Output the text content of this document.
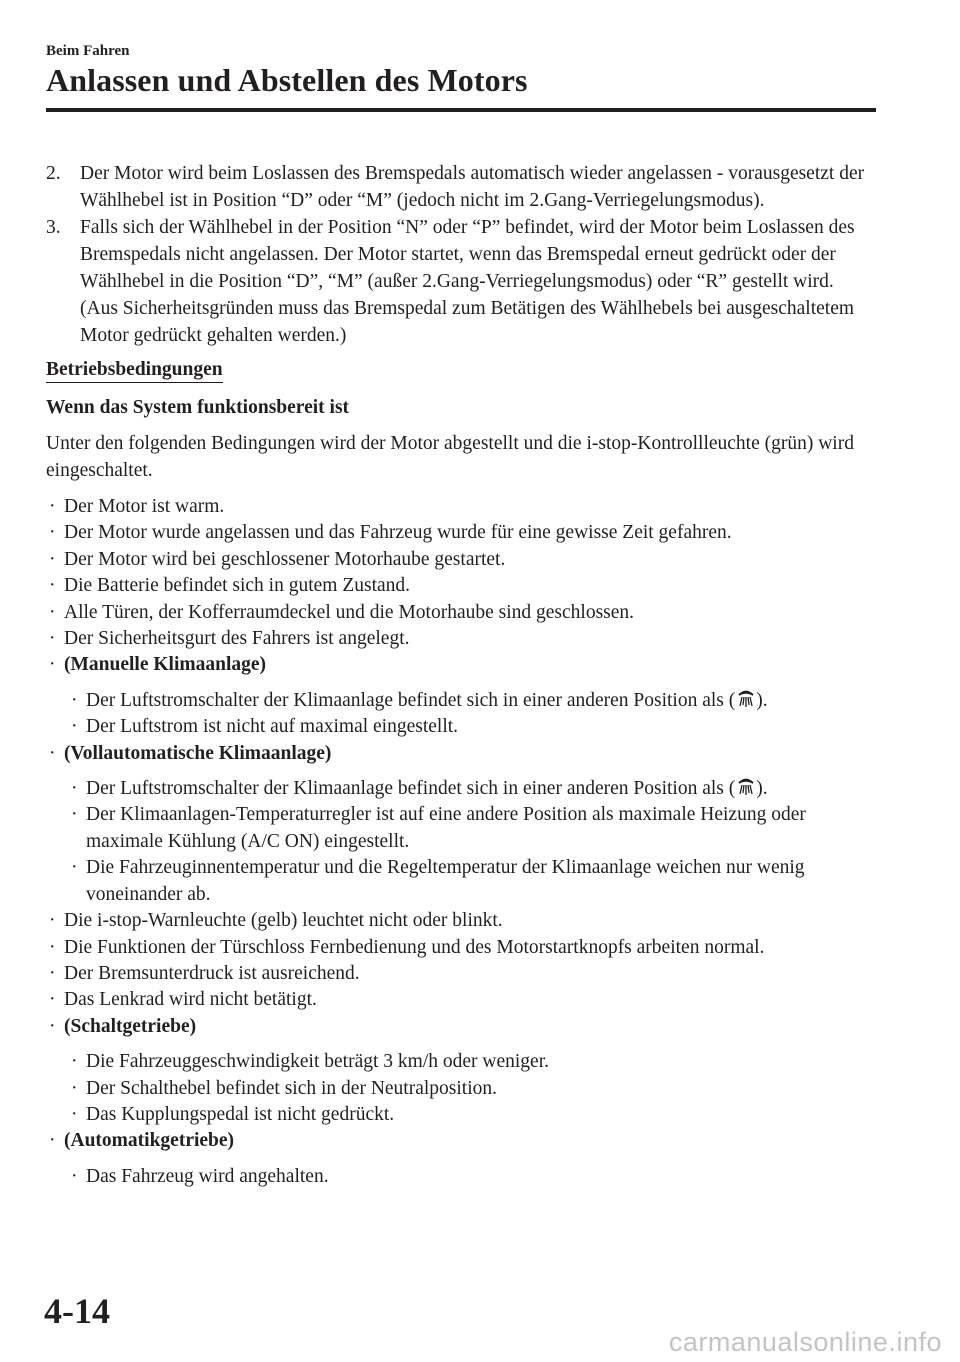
Beim Fahren
Anlassen und Abstellen des Motors
2. Der Motor wird beim Loslassen des Bremspedals automatisch wieder angelassen - vorausgesetzt der Wählhebel ist in Position “D” oder “M” (jedoch nicht im 2.Gang-Verriegelungsmodus).
3. Falls sich der Wählhebel in der Position “N” oder “P” befindet, wird der Motor beim Loslassen des Bremspedals nicht angelassen. Der Motor startet, wenn das Bremspedal erneut gedrückt oder der Wählhebel in die Position “D”, “M” (außer 2.Gang-Verriegelungsmodus) oder “R” gestellt wird. (Aus Sicherheitsgründen muss das Bremspedal zum Betätigen des Wählhebels bei ausgeschaltetem Motor gedrückt gehalten werden.)
Betriebsbedingungen
Wenn das System funktionsbereit ist
Unter den folgenden Bedingungen wird der Motor abgestellt und die i-stop-Kontrollleuchte (grün) wird eingeschaltet.
· Der Motor ist warm.
· Der Motor wurde angelassen und das Fahrzeug wurde für eine gewisse Zeit gefahren.
· Der Motor wird bei geschlossener Motorhaube gestartet.
· Die Batterie befindet sich in gutem Zustand.
· Alle Türen, der Kofferraumdeckel und die Motorhaube sind geschlossen.
· Der Sicherheitsgurt des Fahrers ist angelegt.
· (Manuelle Klimaanlage)
· Der Luftstromschalter der Klimaanlage befindet sich in einer anderen Position als ( ).
· Der Luftstrom ist nicht auf maximal eingestellt.
· (Vollautomatische Klimaanlage)
· Der Luftstromschalter der Klimaanlage befindet sich in einer anderen Position als ( ).
· Der Klimaanlagen-Temperaturregler ist auf eine andere Position als maximale Heizung oder maximale Kühlung (A/C ON) eingestellt.
· Die Fahrzeuginnentemperatur und die Regeltemperatur der Klimaanlage weichen nur wenig voneinander ab.
· Die i-stop-Warnleuchte (gelb) leuchtet nicht oder blinkt.
· Die Funktionen der Türschloss Fernbedienung und des Motorstartknopfs arbeiten normal.
· Der Bremsunterdruck ist ausreichend.
· Das Lenkrad wird nicht betätigt.
· (Schaltgetriebe)
· Die Fahrzeuggeschwindigkeit beträgt 3 km/h oder weniger.
· Der Schalthebel befindet sich in der Neutralposition.
· Das Kupplungspedal ist nicht gedrückt.
· (Automatikgetriebe)
· Das Fahrzeug wird angehalten.
4-14
carmanualsonline.info
